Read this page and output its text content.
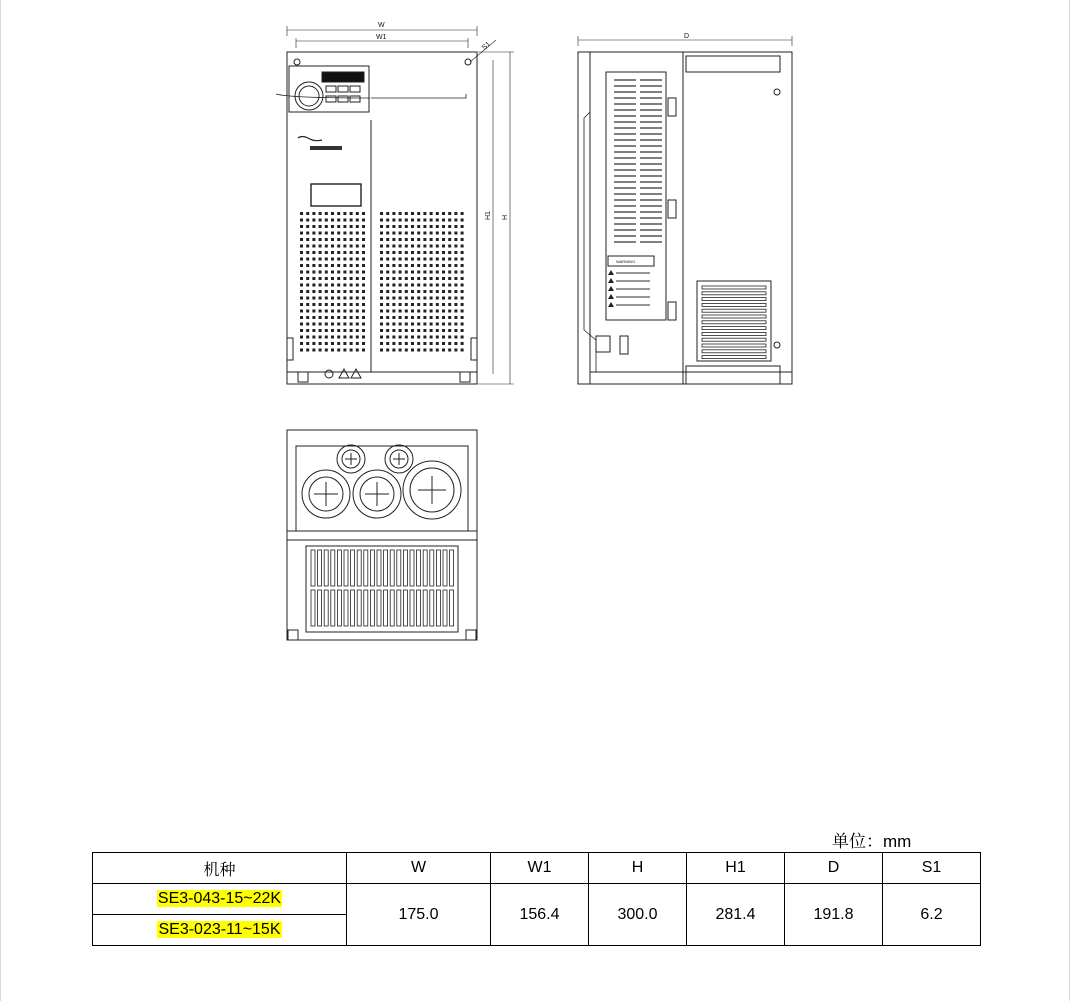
W
W1
S1
H1 H
D
WARNING
单位：mm
机种	W	W1	H	H1	D	S1
SE3-043-15~22K	175.0	156.4	300.0	281.4	191.8	6.2
SE3-023-11~15K						
